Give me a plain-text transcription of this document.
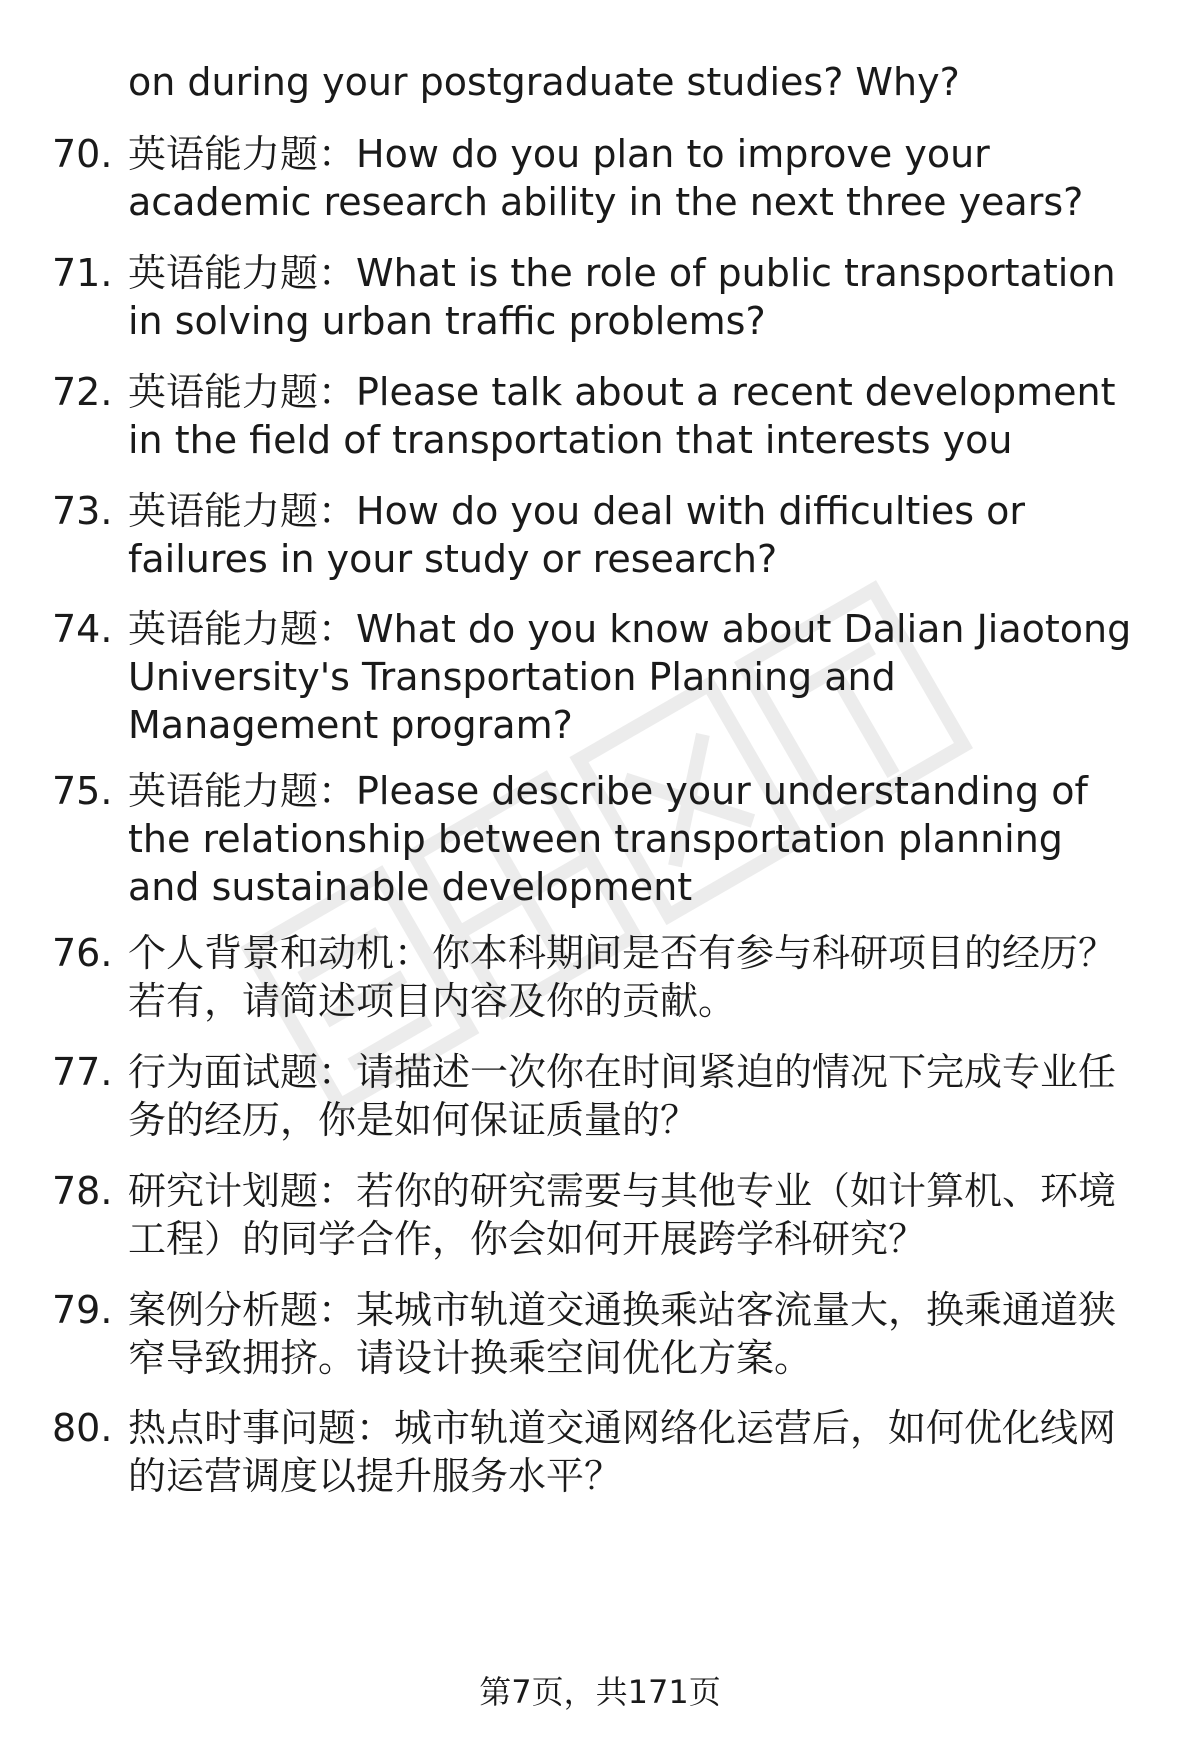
on during your postgraduate studies? Why?

70. 英语能力题：How do you plan to improve your academic research ability in the next three years?

71. 英语能力题：What is the role of public transportation in solving urban traffic problems?

72. 英语能力题：Please talk about a recent development in the field of transportation that interests you

73. 英语能力题：How do you deal with difficulties or failures in your study or research?

74. 英语能力题：What do you know about Dalian Jiaotong University's Transportation Planning and Management program?

75. 英语能力题：Please describe your understanding of the relationship between transportation planning and sustainable development

76. 个人背景和动机：你本科期间是否有参与科研项目的经历？若有，请简述项目内容及你的贡献。

77. 行为面试题：请描述一次你在时间紧迫的情况下完成专业任务的经历，你是如何保证质量的？

78. 研究计划题：若你的研究需要与其他专业（如计算机、环境工程）的同学合作，你会如何开展跨学科研究？

79. 案例分析题：某城市轨道交通换乘站客流量大，换乘通道狭窄导致拥挤。请设计换乘空间优化方案。

80. 热点时事问题：城市轨道交通网络化运营后，如何优化线网的运营调度以提升服务水平？

第7页，共171页
